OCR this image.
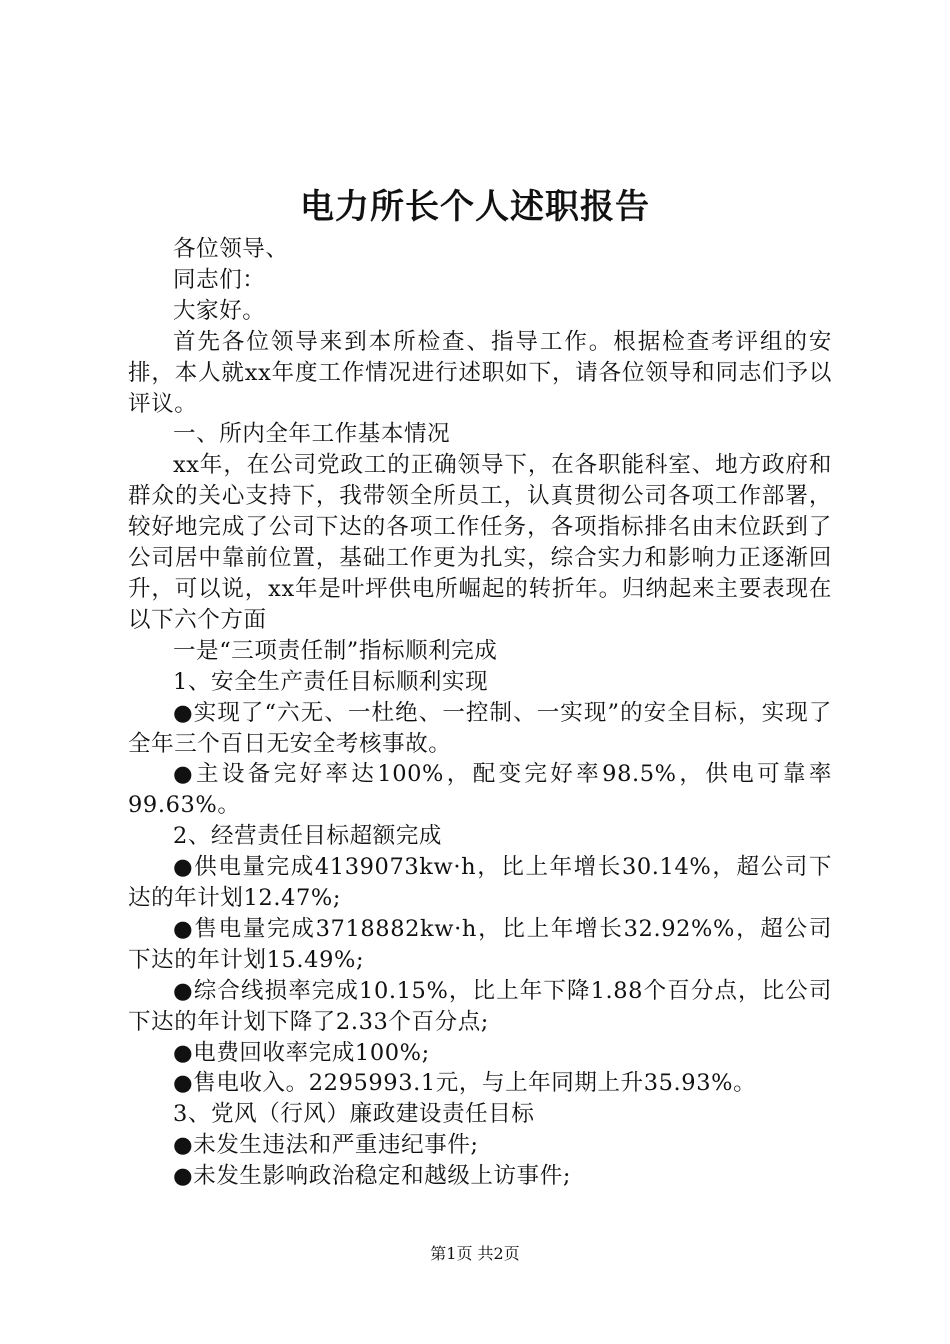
电力所长个人述职报告

各位领导、

同志们：

大家好。

首先各位领导来到本所检查、指导工作。根据检查考评组的安排，本人就xx年度工作情况进行述职如下，请各位领导和同志们予以评议。

一、所内全年工作基本情况

xx年，在公司党政工的正确领导下，在各职能科室、地方政府和群众的关心支持下，我带领全所员工，认真贯彻公司各项工作部署，较好地完成了公司下达的各项工作任务，各项指标排名由末位跃到了公司居中靠前位置，基础工作更为扎实，综合实力和影响力正逐渐回升，可以说，xx年是叶坪供电所崛起的转折年。归纳起来主要表现在以下六个方面

一是“三项责任制”指标顺利完成

1、安全生产责任目标顺利实现

●实现了“六无、一杜绝、一控制、一实现”的安全目标，实现了全年三个百日无安全考核事故。

●主设备完好率达100%，配变完好率98.5%，供电可靠率99.63%。

2、经营责任目标超额完成

●供电量完成4139073kw·h，比上年增长30.14%，超公司下达的年计划12.47%;

●售电量完成3718882kw·h，比上年增长32.92%%，超公司下达的年计划15.49%;

●综合线损率完成10.15%，比上年下降1.88个百分点，比公司下达的年计划下降了2.33个百分点;

●电费回收率完成100%;

●售电收入。2295993.1元，与上年同期上升35.93%。

3、党风（行风）廉政建设责任目标

●未发生违法和严重违纪事件;

●未发生影响政治稳定和越级上访事件;

第1页 共2页
